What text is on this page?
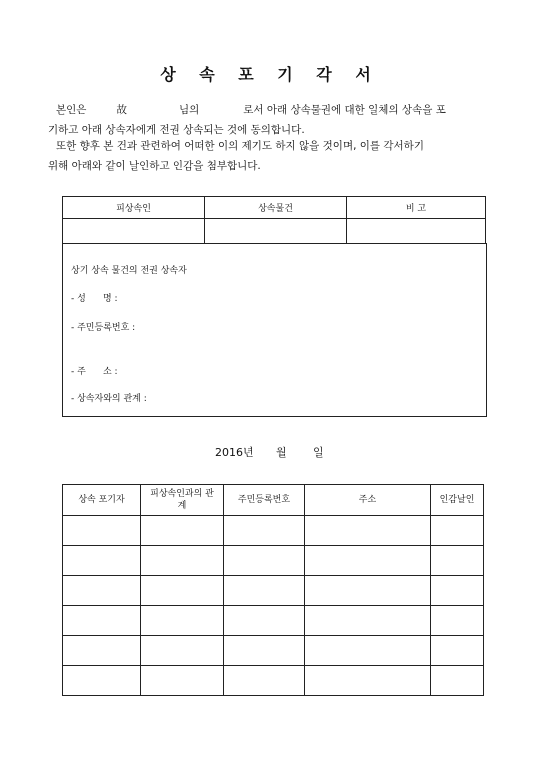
상 속 포 기 각 서
본인은	故	님의	로서 아래 상속물권에 대한 일체의 상속을 포
기하고 아래 상속자에게 전권 상속되는 것에 동의합니다.
또한 향후 본 건과 관련하여 어떠한 이의 제기도 하지 않을 것이며, 이를 각서하기
위해 아래와 같이 날인하고 인감을 첨부합니다.
피상속인	상속물건	비 고

상기 상속 물건의 전권 상속자
- 성      명 :
- 주민등록번호 :
- 주      소 :
- 상속자와의 관계 :
2016년 월 일
상속 포기자	피상속인과의 관계	주민등록번호	주소	인감날인
